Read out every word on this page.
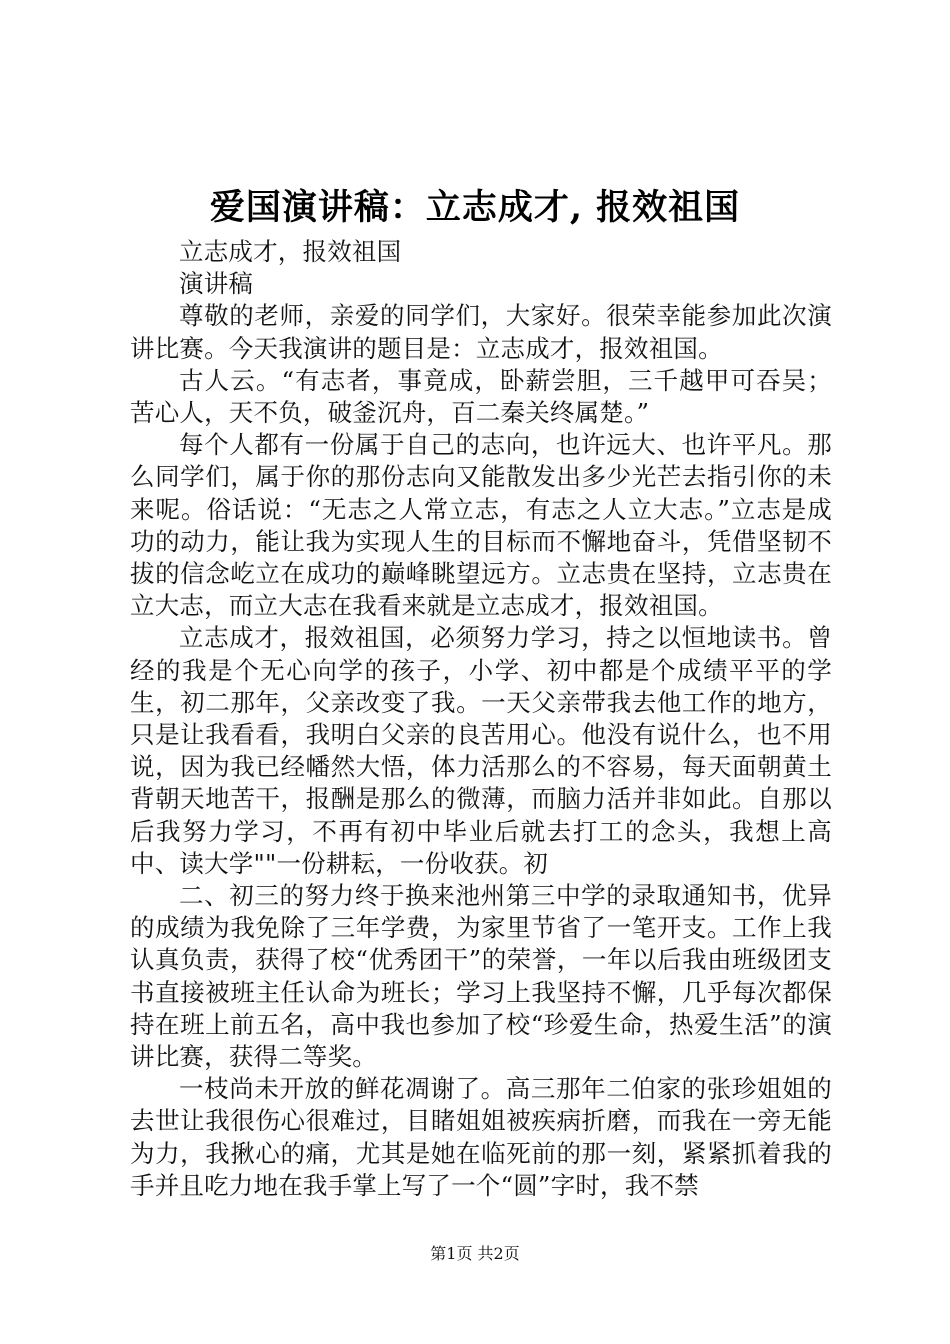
爱国演讲稿：立志成才, 报效祖国

立志成才，报效祖国

演讲稿

尊敬的老师，亲爱的同学们，大家好。很荣幸能参加此次演讲比赛。今天我演讲的题目是：立志成才，报效祖国。

古人云。“有志者，事竟成，卧薪尝胆，三千越甲可吞吴；苦心人，天不负，破釜沉舟，百二秦关终属楚。”

每个人都有一份属于自己的志向，也许远大、也许平凡。那么同学们，属于你的那份志向又能散发出多少光芒去指引你的未来呢。俗话说：“无志之人常立志，有志之人立大志。”立志是成功的动力，能让我为实现人生的目标而不懈地奋斗，凭借坚韧不拔的信念屹立在成功的巅峰眺望远方。立志贵在坚持，立志贵在立大志，而立大志在我看来就是立志成才，报效祖国。

立志成才，报效祖国，必须努力学习，持之以恒地读书。曾经的我是个无心向学的孩子，小学、初中都是个成绩平平的学生，初二那年，父亲改变了我。一天父亲带我去他工作的地方，只是让我看看，我明白父亲的良苦用心。他没有说什么，也不用说，因为我已经幡然大悟，体力活那么的不容易，每天面朝黄土背朝天地苦干，报酬是那么的微薄，而脑力活并非如此。自那以后我努力学习，不再有初中毕业后就去打工的念头，我想上高中、读大学""一份耕耘，一份收获。初

二、初三的努力终于换来池州第三中学的录取通知书，优异的成绩为我免除了三年学费，为家里节省了一笔开支。工作上我认真负责，获得了校“优秀团干”的荣誉，一年以后我由班级团支书直接被班主任认命为班长；学习上我坚持不懈，几乎每次都保持在班上前五名，高中我也参加了校“珍爱生命，热爱生活”的演讲比赛，获得二等奖。

一枝尚未开放的鲜花凋谢了。高三那年二伯家的张珍姐姐的去世让我很伤心很难过，目睹姐姐被疾病折磨，而我在一旁无能为力，我揪心的痛，尤其是她在临死前的那一刻，紧紧抓着我的手并且吃力地在我手掌上写了一个“圆”字时，我不禁

第1页 共2页
